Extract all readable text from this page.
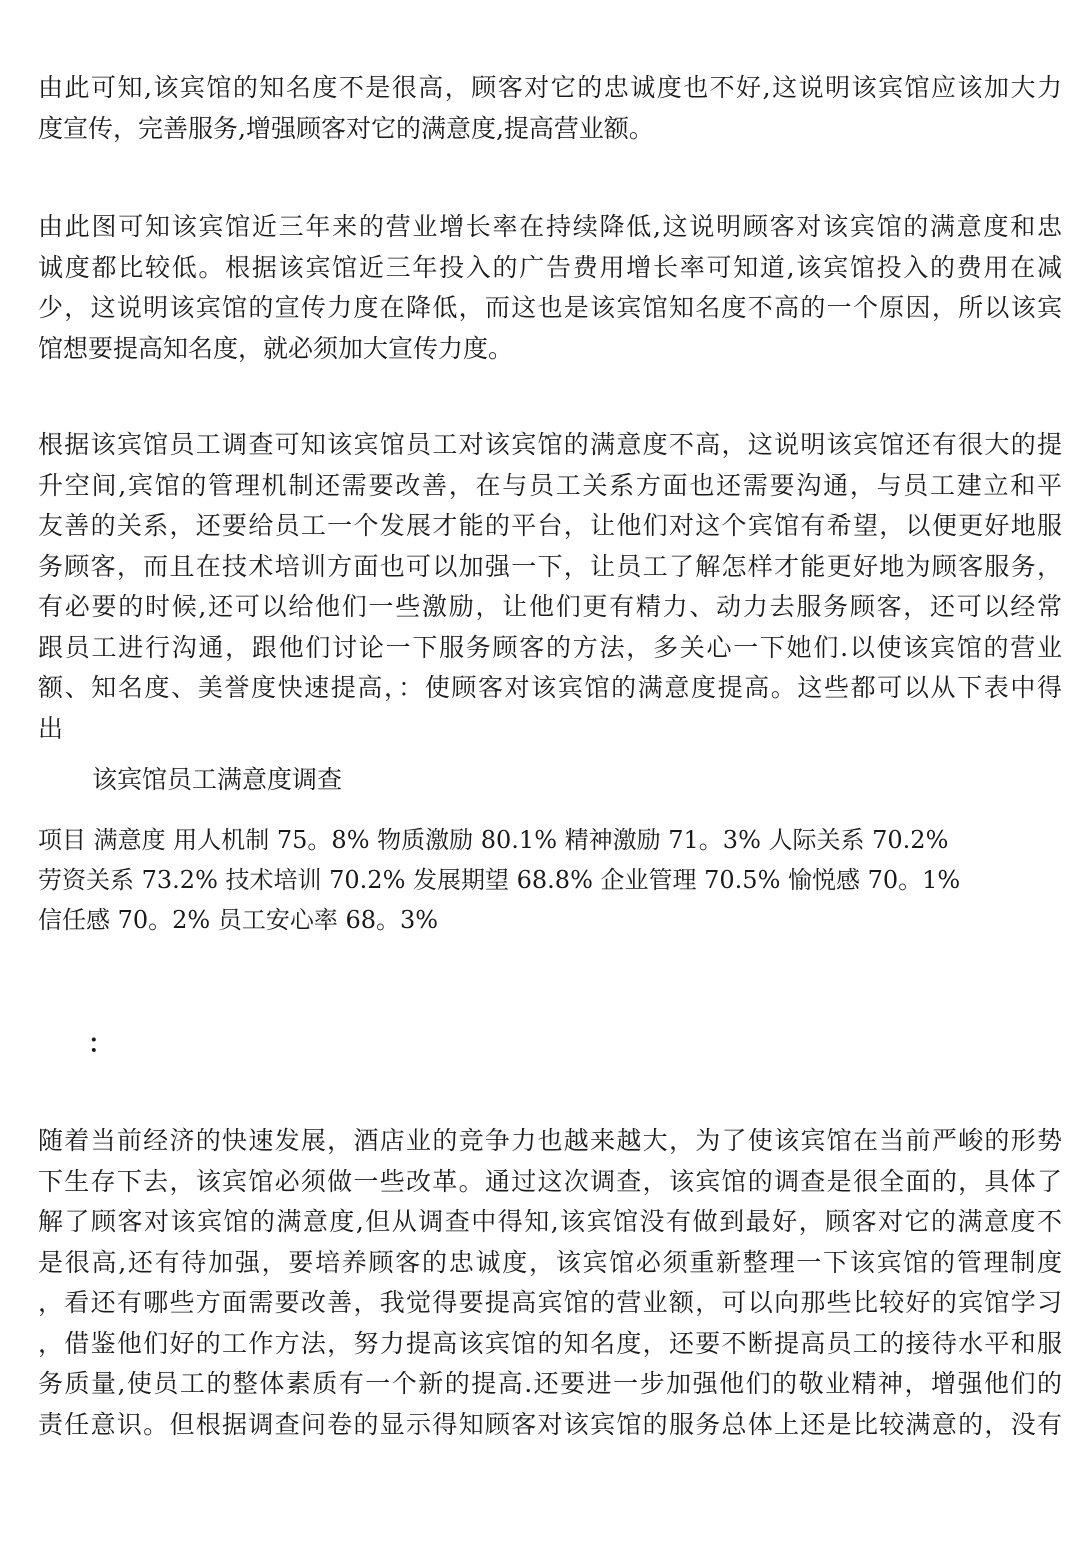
由此可知,该宾馆的知名度不是很高，顾客对它的忠诚度也不好,这说明该宾馆应该加大力
度宣传，完善服务,增强顾客对它的满意度,提高营业额。
由此图可知该宾馆近三年来的营业增长率在持续降低,这说明顾客对该宾馆的满意度和忠
诚度都比较低。根据该宾馆近三年投入的广告费用增长率可知道,该宾馆投入的费用在减
少，这说明该宾馆的宣传力度在降低，而这也是该宾馆知名度不高的一个原因，所以该宾
馆想要提高知名度，就必须加大宣传力度。
根据该宾馆员工调查可知该宾馆员工对该宾馆的满意度不高，这说明该宾馆还有很大的提
升空间,宾馆的管理机制还需要改善，在与员工关系方面也还需要沟通，与员工建立和平
友善的关系，还要给员工一个发展才能的平台，让他们对这个宾馆有希望，以便更好地服
务顾客，而且在技术培训方面也可以加强一下，让员工了解怎样才能更好地为顾客服务，
有必要的时候,还可以给他们一些激励，让他们更有精力、动力去服务顾客，还可以经常
跟员工进行沟通，跟他们讨论一下服务顾客的方法，多关心一下她们.以使该宾馆的营业
额、知名度、美誉度快速提高，：使顾客对该宾馆的满意度提高。这些都可以从下表中得
出
该宾馆员工满意度调查
项目 满意度 用人机制 75。8% 物质激励 80.1% 精神激励 71。3% 人际关系 70.2%
劳资关系 73.2% 技术培训 70.2% 发展期望 68.8% 企业管理 70.5% 愉悦感 70。1%
信任感 70。2% 员工安心率 68。3%
：
随着当前经济的快速发展，酒店业的竞争力也越来越大，为了使该宾馆在当前严峻的形势
下生存下去，该宾馆必须做一些改革。通过这次调查，该宾馆的调查是很全面的，具体了
解了顾客对该宾馆的满意度,但从调查中得知,该宾馆没有做到最好，顾客对它的满意度不
是很高,还有待加强，要培养顾客的忠诚度，该宾馆必须重新整理一下该宾馆的管理制度
，看还有哪些方面需要改善，我觉得要提高宾馆的营业额，可以向那些比较好的宾馆学习
，借鉴他们好的工作方法，努力提高该宾馆的知名度，还要不断提高员工的接待水平和服
务质量,使员工的整体素质有一个新的提高.还要进一步加强他们的敬业精神，增强他们的
责任意识。但根据调查问卷的显示得知顾客对该宾馆的服务总体上还是比较满意的，没有
